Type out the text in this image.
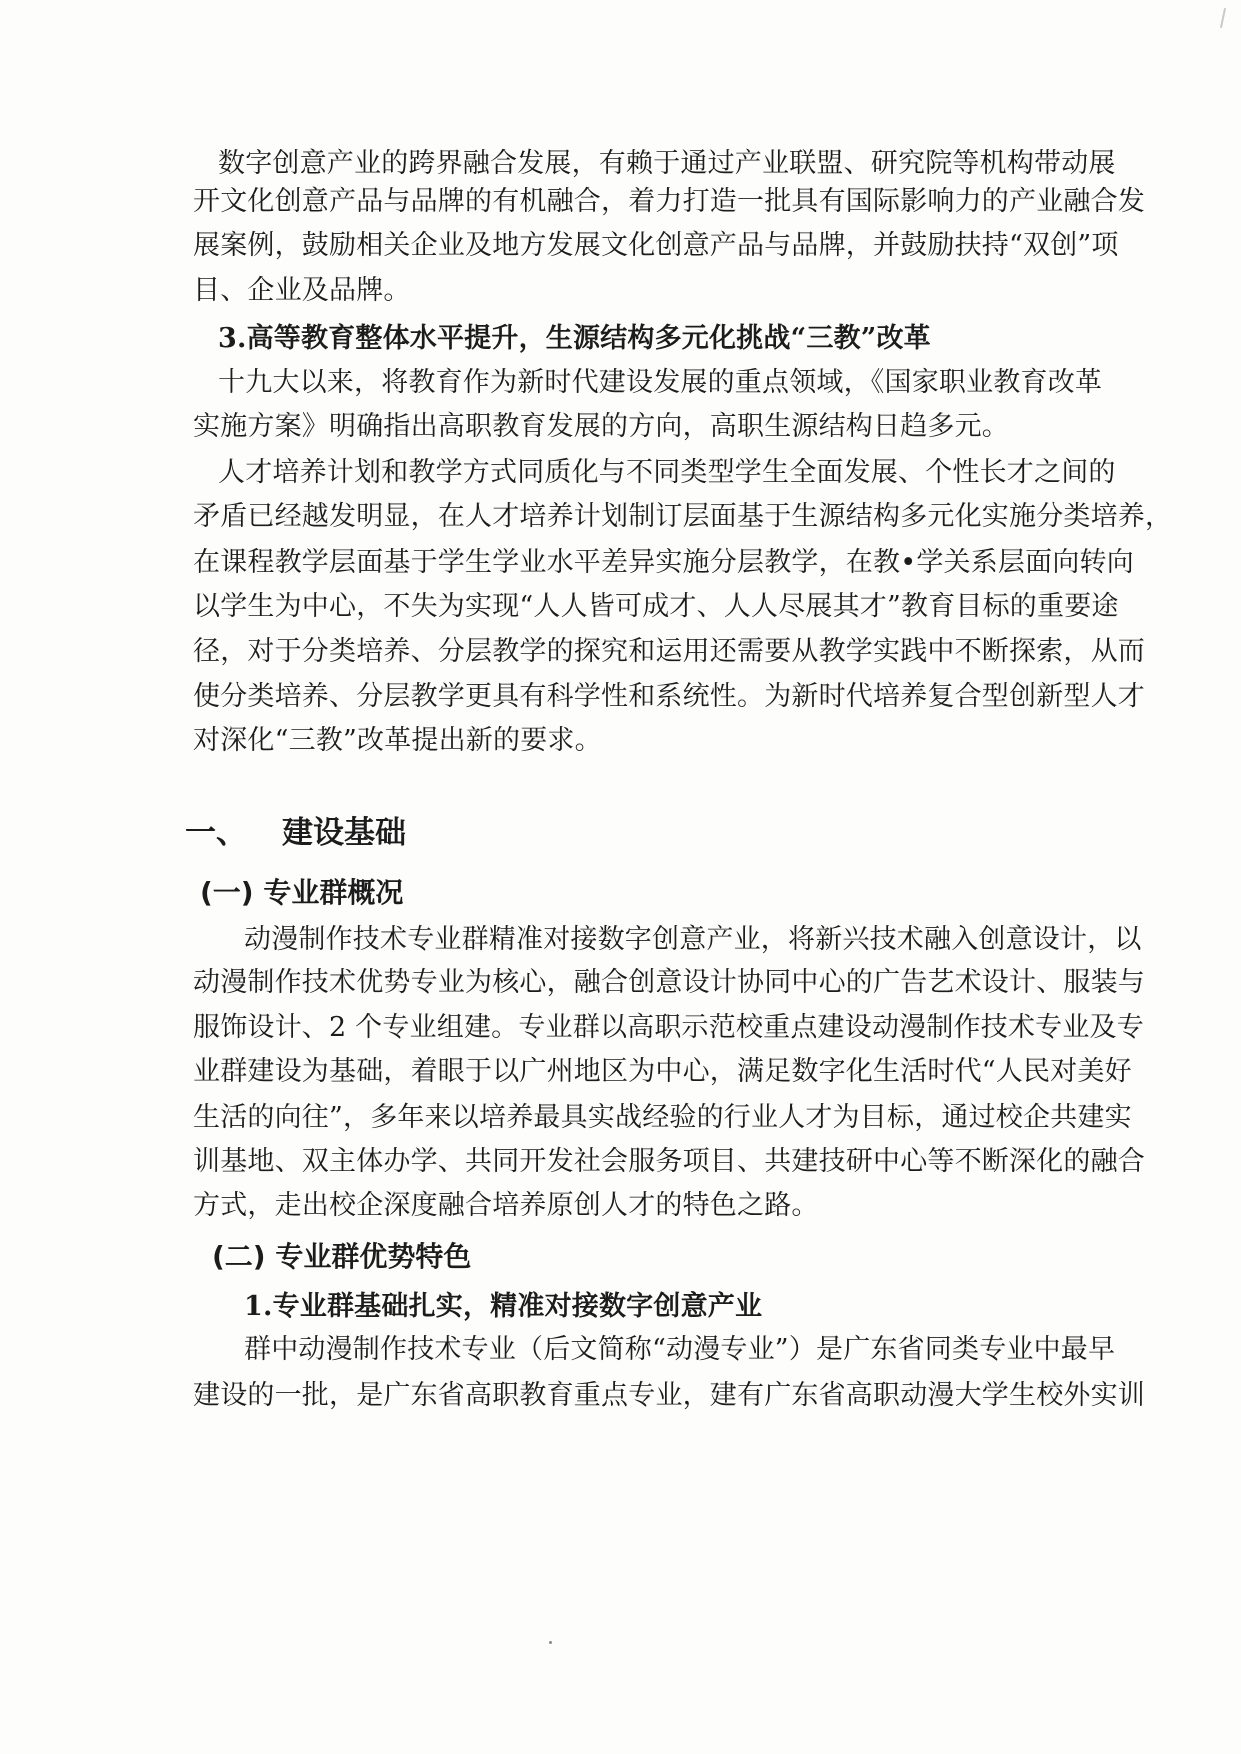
数字创意产业的跨界融合发展，有赖于通过产业联盟、研究院等机构带动展
开文化创意产品与品牌的有机融合，着力打造一批具有国际影响力的产业融合发
展案例，鼓励相关企业及地方发展文化创意产品与品牌，并鼓励扶持“双创”项
目、企业及品牌。
3.高等教育整体水平提升，生源结构多元化挑战“三教”改革
十九大以来，将教育作为新时代建设发展的重点领域，《国家职业教育改革
实施方案》明确指出高职教育发展的方向，高职生源结构日趋多元。
人才培养计划和教学方式同质化与不同类型学生全面发展、个性长才之间的
矛盾已经越发明显，在人才培养计划制订层面基于生源结构多元化实施分类培养，
在课程教学层面基于学生学业水平差异实施分层教学，在教•学关系层面向转向
以学生为中心，不失为实现“人人皆可成才、人人尽展其才”教育目标的重要途
径，对于分类培养、分层教学的探究和运用还需要从教学实践中不断探索，从而
使分类培养、分层教学更具有科学性和系统性。为新时代培养复合型创新型人才
对深化“三教”改革提出新的要求。
一、 建设基础
(一) 专业群概况
动漫制作技术专业群精准对接数字创意产业，将新兴技术融入创意设计，以
动漫制作技术优势专业为核心，融合创意设计协同中心的广告艺术设计、服装与
服饰设计、2 个专业组建。专业群以高职示范校重点建设动漫制作技术专业及专
业群建设为基础，着眼于以广州地区为中心，满足数字化生活时代“人民对美好
生活的向往”，多年来以培养最具实战经验的行业人才为目标，通过校企共建实
训基地、双主体办学、共同开发社会服务项目、共建技研中心等不断深化的融合
方式，走出校企深度融合培养原创人才的特色之路。
(二) 专业群优势特色
1.专业群基础扎实，精准对接数字创意产业
群中动漫制作技术专业（后文简称“动漫专业”）是广东省同类专业中最早
建设的一批，是广东省高职教育重点专业，建有广东省高职动漫大学生校外实训
